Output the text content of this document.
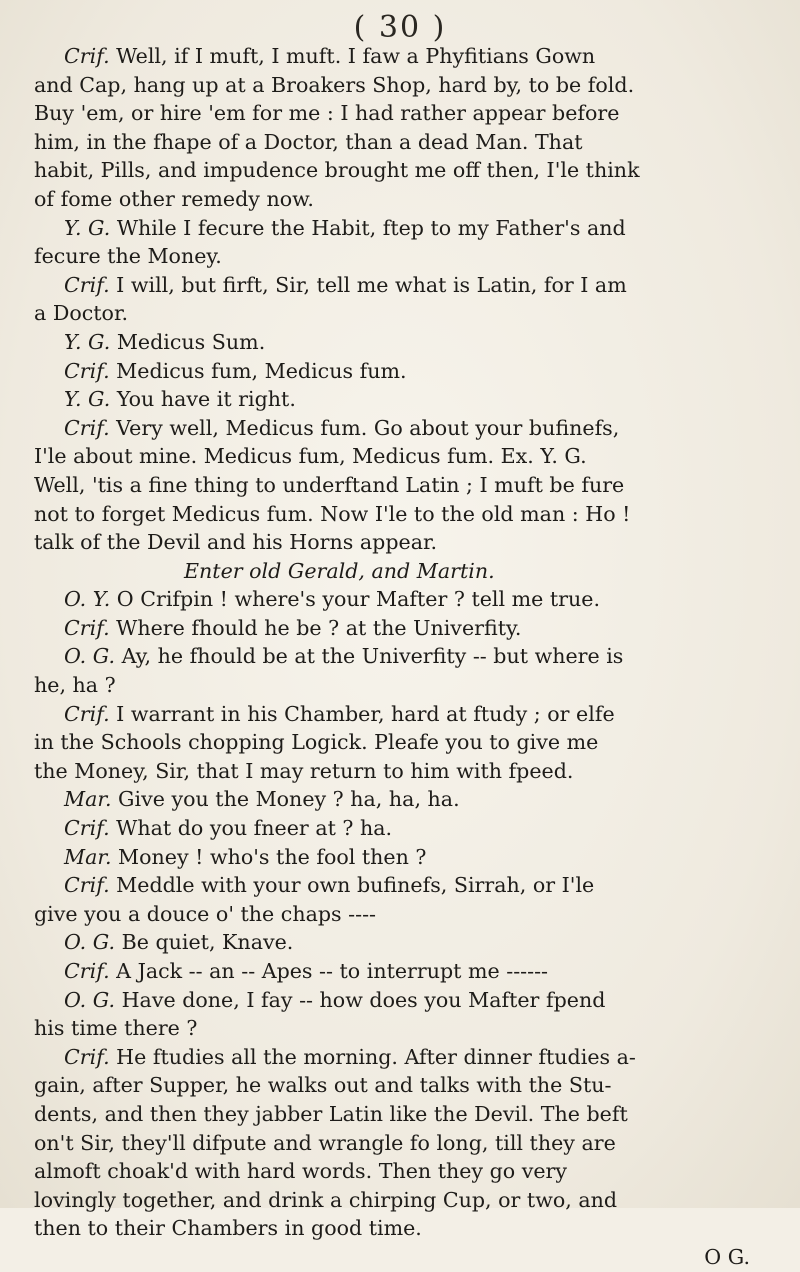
( 30 )
Crif. Well, if I muft, I muft. I faw a Phyfitians Gown
and Cap, hang up at a Broakers Shop, hard by, to be fold.
Buy 'em, or hire 'em for me : I had rather appear before
him, in the fhape of a Doctor, than a dead Man. That
habit, Pills, and impudence brought me off then, I'le think
of fome other remedy now.
Y. G. While I fecure the Habit, ftep to my Father's and
fecure the Money.
Crif. I will, but firft, Sir, tell me what is Latin, for I am
a Doctor.
Y. G. Medicus Sum.
Crif. Medicus fum, Medicus fum.
Y. G. You have it right.
Crif. Very well, Medicus fum. Go about your bufinefs,
I'le about mine. Medicus fum, Medicus fum. Ex. Y. G.
Well, 'tis a fine thing to underftand Latin ; I muft be fure
not to forget Medicus fum. Now I'le to the old man : Ho !
talk of the Devil and his Horns appear.
Enter old Gerald, and Martin.
O. Y. O Crifpin ! where's your Mafter ? tell me true.
Crif. Where fhould he be ? at the Univerfity.
O. G. Ay, he fhould be at the Univerfity -- but where is
he, ha ?
Crif. I warrant in his Chamber, hard at ftudy ; or elfe
in the Schools chopping Logick. Pleafe you to give me
the Money, Sir, that I may return to him with fpeed.
Mar. Give you the Money ? ha, ha, ha.
Crif. What do you fneer at ? ha.
Mar. Money ! who's the fool then ?
Crif. Meddle with your own bufinefs, Sirrah, or I'le
give you a douce o' the chaps ----
O. G. Be quiet, Knave.
Crif. A Jack -- an -- Apes -- to interrupt me ------
O. G. Have done, I fay -- how does you Mafter fpend
his time there ?
Crif. He ftudies all the morning. After dinner ftudies a-
gain, after Supper, he walks out and talks with the Stu-
dents, and then they jabber Latin like the Devil. The beft
on't Sir, they'll difpute and wrangle fo long, till they are
almoft choak'd with hard words. Then they go very
lovingly together, and drink a chirping Cup, or two, and
then to their Chambers in good time.
O G.
